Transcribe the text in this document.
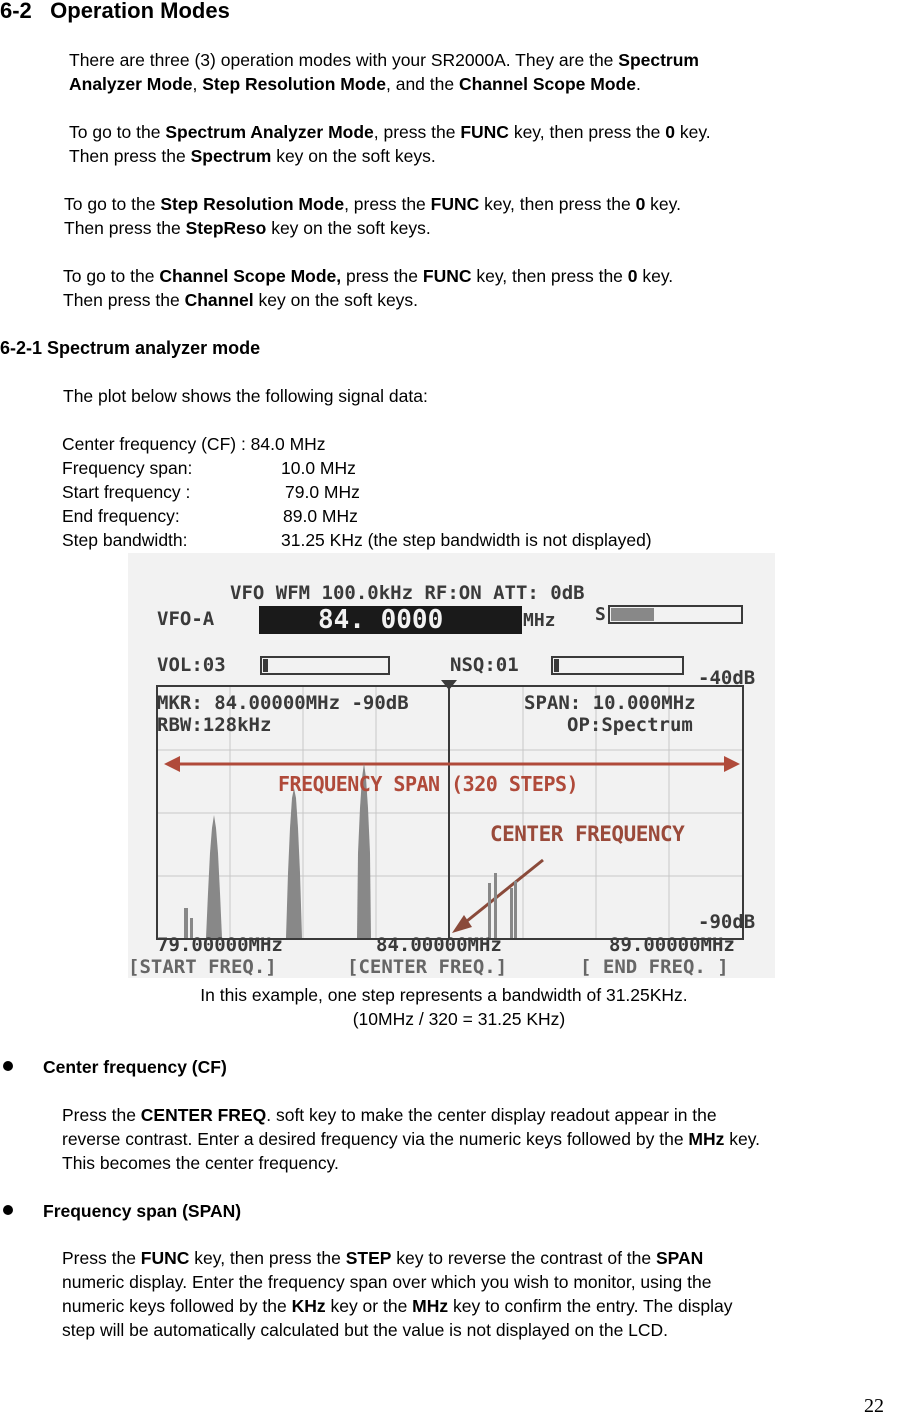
6-2 Operation Modes
There are three (3) operation modes with your SR2000A. They are the Spectrum
Analyzer Mode, Step Resolution Mode, and the Channel Scope Mode.
To go to the Spectrum Analyzer Mode, press the FUNC key, then press the 0 key.
Then press the Spectrum key on the soft keys.
To go to the Step Resolution Mode, press the FUNC key, then press the 0 key.
Then press the StepReso key on the soft keys.
To go to the Channel Scope Mode, press the FUNC key, then press the 0 key.
Then press the Channel key on the soft keys.
6-2-1 Spectrum analyzer mode
The plot below shows the following signal data:
Center frequency (CF) : 84.0 MHz
Frequency span:	10.0 MHz
Start frequency :	79.0 MHz
End frequency:	89.0 MHz
Step bandwidth:	31.25 KHz (the step bandwidth is not displayed)
VFO WFM 100.0kHz RF:ON ATT: 0dB
VFO-A	84. 0000	MHz S
VOL:03	NSQ:01
-40dB
MKR: 84.00000MHz -90dB	SPAN: 10.000MHz
RBW:128kHz	OP:Spectrum
FREQUENCY SPAN (320 STEPS)
CENTER FREQUENCY
-90dB
79.00000MHz	84.00000MHz	89.00000MHz
[START FREQ.]	[CENTER FREQ.]	[ END FREQ. ]
In this example, one step represents a bandwidth of 31.25KHz.
(10MHz / 320 = 31.25 KHz)
Center frequency (CF)
Press the CENTER FREQ. soft key to make the center display readout appear in the
reverse contrast. Enter a desired frequency via the numeric keys followed by the MHz key.
This becomes the center frequency.
Frequency span (SPAN)
Press the FUNC key, then press the STEP key to reverse the contrast of the SPAN
numeric display. Enter the frequency span over which you wish to monitor, using the
numeric keys followed by the KHz key or the MHz key to confirm the entry. The display
step will be automatically calculated but the value is not displayed on the LCD.
22
